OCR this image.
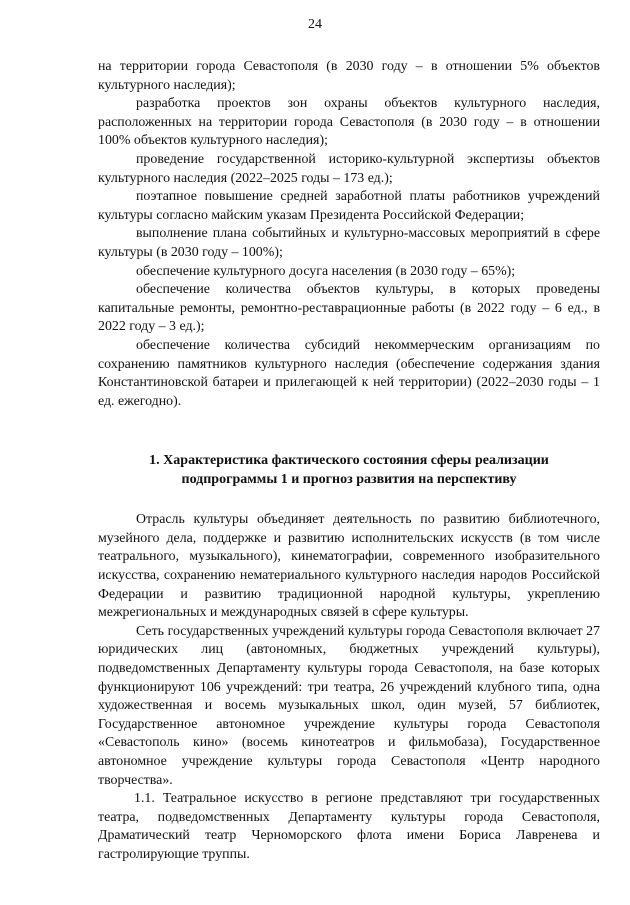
24

на территории города Севастополя (в 2030 году – в отношении 5% объектов культурного наследия);

разработка проектов зон охраны объектов культурного наследия, расположенных на территории города Севастополя (в 2030 году – в отношении 100% объектов культурного наследия);

проведение государственной историко-культурной экспертизы объектов культурного наследия (2022–2025 годы – 173 ед.);

поэтапное повышение средней заработной платы работников учреждений культуры согласно майским указам Президента Российской Федерации;

выполнение плана событийных и культурно-массовых мероприятий в сфере культуры (в 2030 году – 100%);

обеспечение культурного досуга населения (в 2030 году – 65%);

обеспечение количества объектов культуры, в которых проведены капитальные ремонты, ремонтно-реставрационные работы (в 2022 году – 6 ед., в 2022 году – 3 ед.);

обеспечение количества субсидий некоммерческим организациям по сохранению памятников культурного наследия (обеспечение содержания здания Константиновской батареи и прилегающей к ней территории) (2022–2030 годы – 1 ед. ежегодно).

1. Характеристика фактического состояния сферы реализации подпрограммы 1 и прогноз развития на перспективу

Отрасль культуры объединяет деятельность по развитию библиотечного, музейного дела, поддержке и развитию исполнительских искусств (в том числе театрального, музыкального), кинематографии, современного изобразительного искусства, сохранению нематериального культурного наследия народов Российской Федерации и развитию традиционной народной культуры, укреплению межрегиональных и международных связей в сфере культуры.

Сеть государственных учреждений культуры города Севастополя включает 27 юридических лиц (автономных, бюджетных учреждений культуры), подведомственных Департаменту культуры города Севастополя, на базе которых функционируют 106 учреждений: три театра, 26 учреждений клубного типа, одна художественная и восемь музыкальных школ, один музей, 57 библиотек, Государственное автономное учреждение культуры города Севастополя «Севастополь кино» (восемь кинотеатров и фильмобаза), Государственное автономное учреждение культуры города Севастополя «Центр народного творчества».

1.1. Театральное искусство в регионе представляют три государственных театра, подведомственных Департаменту культуры города Севастополя, Драматический театр Черноморского флота имени Бориса Лавренева и гастролирующие труппы.
